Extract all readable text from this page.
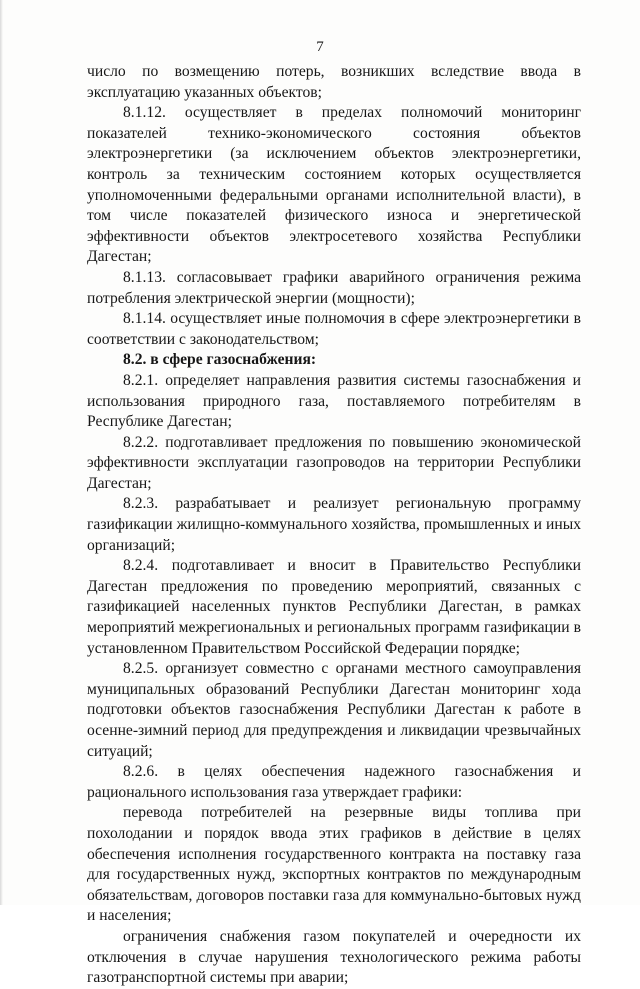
7

число по возмещению потерь, возникших вследствие ввода в эксплуатацию указанных объектов;

8.1.12. осуществляет в пределах полномочий мониторинг показателей технико-экономического состояния объектов электроэнергетики (за исключением объектов электроэнергетики, контроль за техническим состоянием которых осуществляется уполномоченными федеральными органами исполнительной власти), в том числе показателей физического износа и энергетической эффективности объектов электросетевого хозяйства Республики Дагестан;

8.1.13. согласовывает графики аварийного ограничения режима потребления электрической энергии (мощности);

8.1.14. осуществляет иные полномочия в сфере электроэнергетики в соответствии с законодательством;

8.2. в сфере газоснабжения:

8.2.1. определяет направления развития системы газоснабжения и использования природного газа, поставляемого потребителям в Республике Дагестан;

8.2.2. подготавливает предложения по повышению экономической эффективности эксплуатации газопроводов на территории Республики Дагестан;

8.2.3. разрабатывает и реализует региональную программу газификации жилищно-коммунального хозяйства, промышленных и иных организаций;

8.2.4. подготавливает и вносит в Правительство Республики Дагестан предложения по проведению мероприятий, связанных с газификацией населенных пунктов Республики Дагестан, в рамках мероприятий межрегиональных и региональных программ газификации в установленном Правительством Российской Федерации порядке;

8.2.5. организует совместно с органами местного самоуправления муниципальных образований Республики Дагестан мониторинг хода подготовки объектов газоснабжения Республики Дагестан к работе в осенне-зимний период для предупреждения и ликвидации чрезвычайных ситуаций;

8.2.6. в целях обеспечения надежного газоснабжения и рационального использования газа утверждает графики:

перевода потребителей на резервные виды топлива при похолодании и порядок ввода этих графиков в действие в целях обеспечения исполнения государственного контракта на поставку газа для государственных нужд, экспортных контрактов по международным обязательствам, договоров поставки газа для коммунально-бытовых нужд и населения;

ограничения снабжения газом покупателей и очередности их отключения в случае нарушения технологического режима работы газотранспортной системы при аварии;
